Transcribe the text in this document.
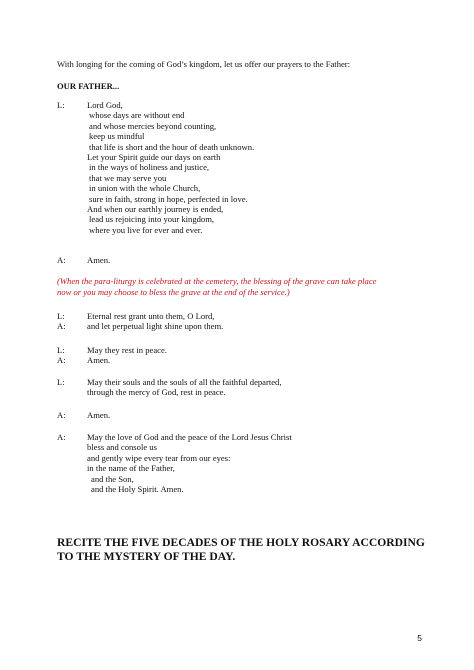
With longing for the coming of God’s kingdom, let us offer our prayers to the Father:
OUR FATHER...
L:	Lord God,
whose days are without end
and whose mercies beyond counting,
keep us mindful
that life is short and the hour of death unknown.
Let your Spirit guide our days on earth
in the ways of holiness and justice,
that we may serve you
in union with the whole Church,
sure in faith, strong in hope, perfected in love.
And when our earthly journey is ended,
lead us rejoicing into your kingdom,
where you live for ever and ever.
A: Amen.
(When the para-liturgy is celebrated at the cemetery, the blessing of the grave can take place
now or you may choose to bless the grave at the end of the service.)
L:	Eternal rest grant unto them, O Lord,
A: and let perpetual light shine upon them.
L:	May they rest in peace.
A: Amen.
L:	May their souls and the souls of all the faithful departed,
through the mercy of God, rest in peace.
A: Amen.
A: May the love of God and the peace of the Lord Jesus Christ
bless and console us
and gently wipe every tear from our eyes:
in the name of the Father,
and the Son,
and the Holy Spirit. Amen.
RECITE THE FIVE DECADES OF THE HOLY ROSARY ACCORDING
TO THE MYSTERY OF THE DAY.
5
